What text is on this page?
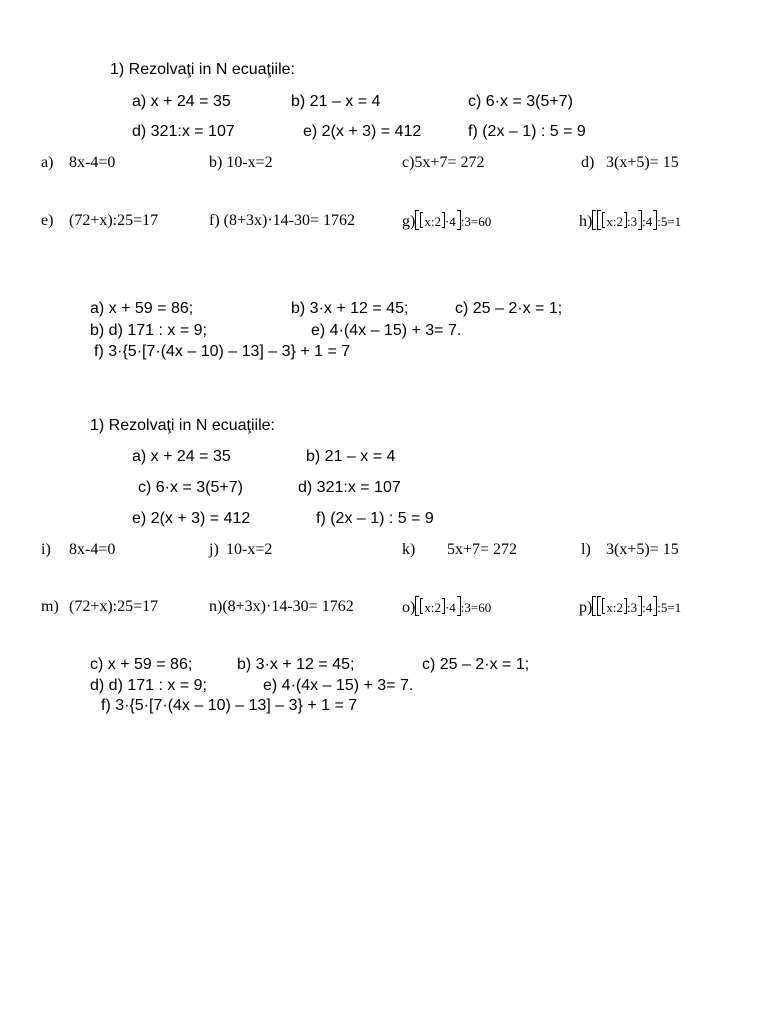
1) Rezolvaţi in N ecuaţiile:
a) x + 24 = 35	b) 21 – x = 4	c) 6·x = 3(5+7)
d) 321:x = 107	e) 2(x + 3) = 412	f) (2x – 1) : 5 = 9
a) 8x-4=0	b) 10-x=2	c)5x+7= 272	d) 3(x+5)= 15
e) (72+x):25=17	f) (8+3x)·14-30= 1762	g) x:2 ·4 :3=60	h) x:2 :3 :4 :5=1
a) x + 59 = 86;	b) 3·x + 12 = 45;	c) 25 – 2·x = 1;
b) d) 171 : x = 9;	e) 4·(4x – 15) + 3= 7.
f) 3·{5·[7·(4x – 10) – 13] – 3} + 1 = 7
1) Rezolvaţi in N ecuaţiile:
a) x + 24 = 35	b) 21 – x = 4
c) 6·x = 3(5+7)	d) 321:x = 107
e) 2(x + 3) = 412	f) (2x – 1) : 5 = 9
i) 8x-4=0	j) 10-x=2	k) 5x+7= 272	l) 3(x+5)= 15
m) (72+x):25=17	n)(8+3x)·14-30= 1762	o) x:2 ·4 :3=60	p) x:2 :3 :4 :5=1
c) x + 59 = 86;	b) 3·x + 12 = 45;	c) 25 – 2·x = 1;
d) d) 171 : x = 9;	e) 4·(4x – 15) + 3= 7.
f) 3·{5·[7·(4x – 10) – 13] – 3} + 1 = 7
